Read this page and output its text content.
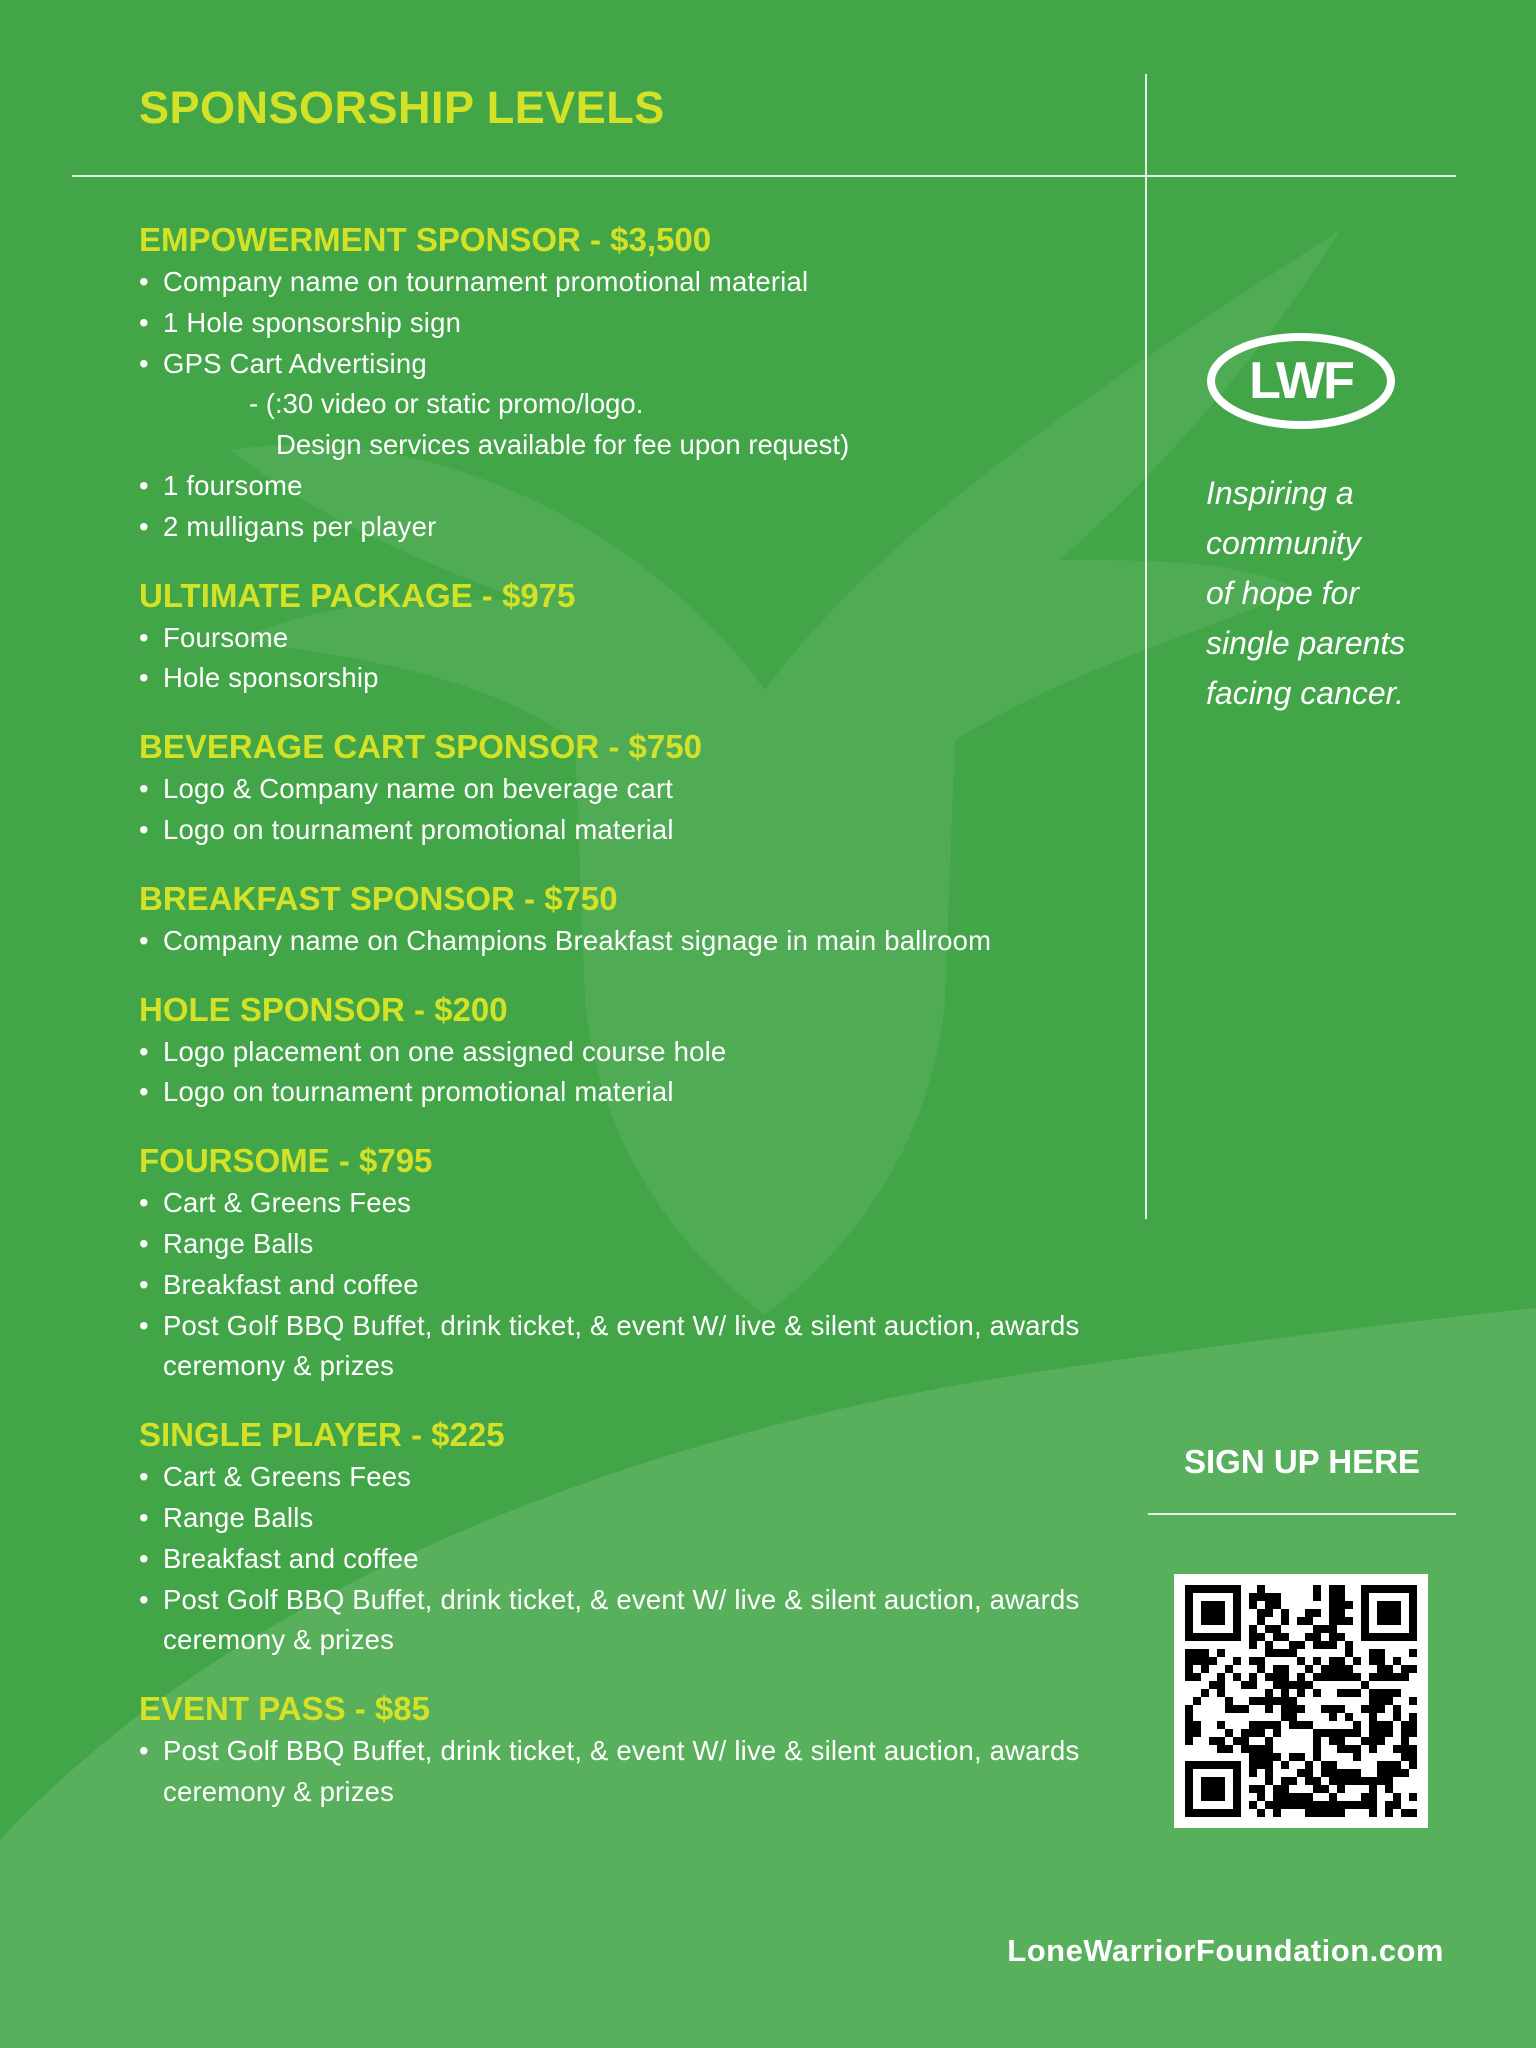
SPONSORSHIP LEVELS
EMPOWERMENT SPONSOR - $3,500
• Company name on tournament promotional material
• 1 Hole sponsorship sign
• GPS Cart Advertising
- (:30 video or static promo/logo.
Design services available for fee upon request)
• 1 foursome
• 2 mulligans per player
ULTIMATE PACKAGE - $975
• Foursome
• Hole sponsorship
BEVERAGE CART SPONSOR - $750
• Logo & Company name on beverage cart
• Logo on tournament promotional material
BREAKFAST SPONSOR - $750
• Company name on Champions Breakfast signage in main ballroom
HOLE SPONSOR - $200
• Logo placement on one assigned course hole
• Logo on tournament promotional material
FOURSOME - $795
• Cart & Greens Fees
• Range Balls
• Breakfast and coffee
• Post Golf BBQ Buffet, drink ticket, & event W/ live & silent auction, awards ceremony & prizes
SINGLE PLAYER - $225
• Cart & Greens Fees
• Range Balls
• Breakfast and coffee
• Post Golf BBQ Buffet, drink ticket, & event W/ live & silent auction, awards ceremony & prizes
EVENT PASS - $85
• Post Golf BBQ Buffet, drink ticket, & event W/ live & silent auction, awards ceremony & prizes
LWF
Inspiring a
community
of hope for
single parents
facing cancer.
SIGN UP HERE
LoneWarriorFoundation.com
